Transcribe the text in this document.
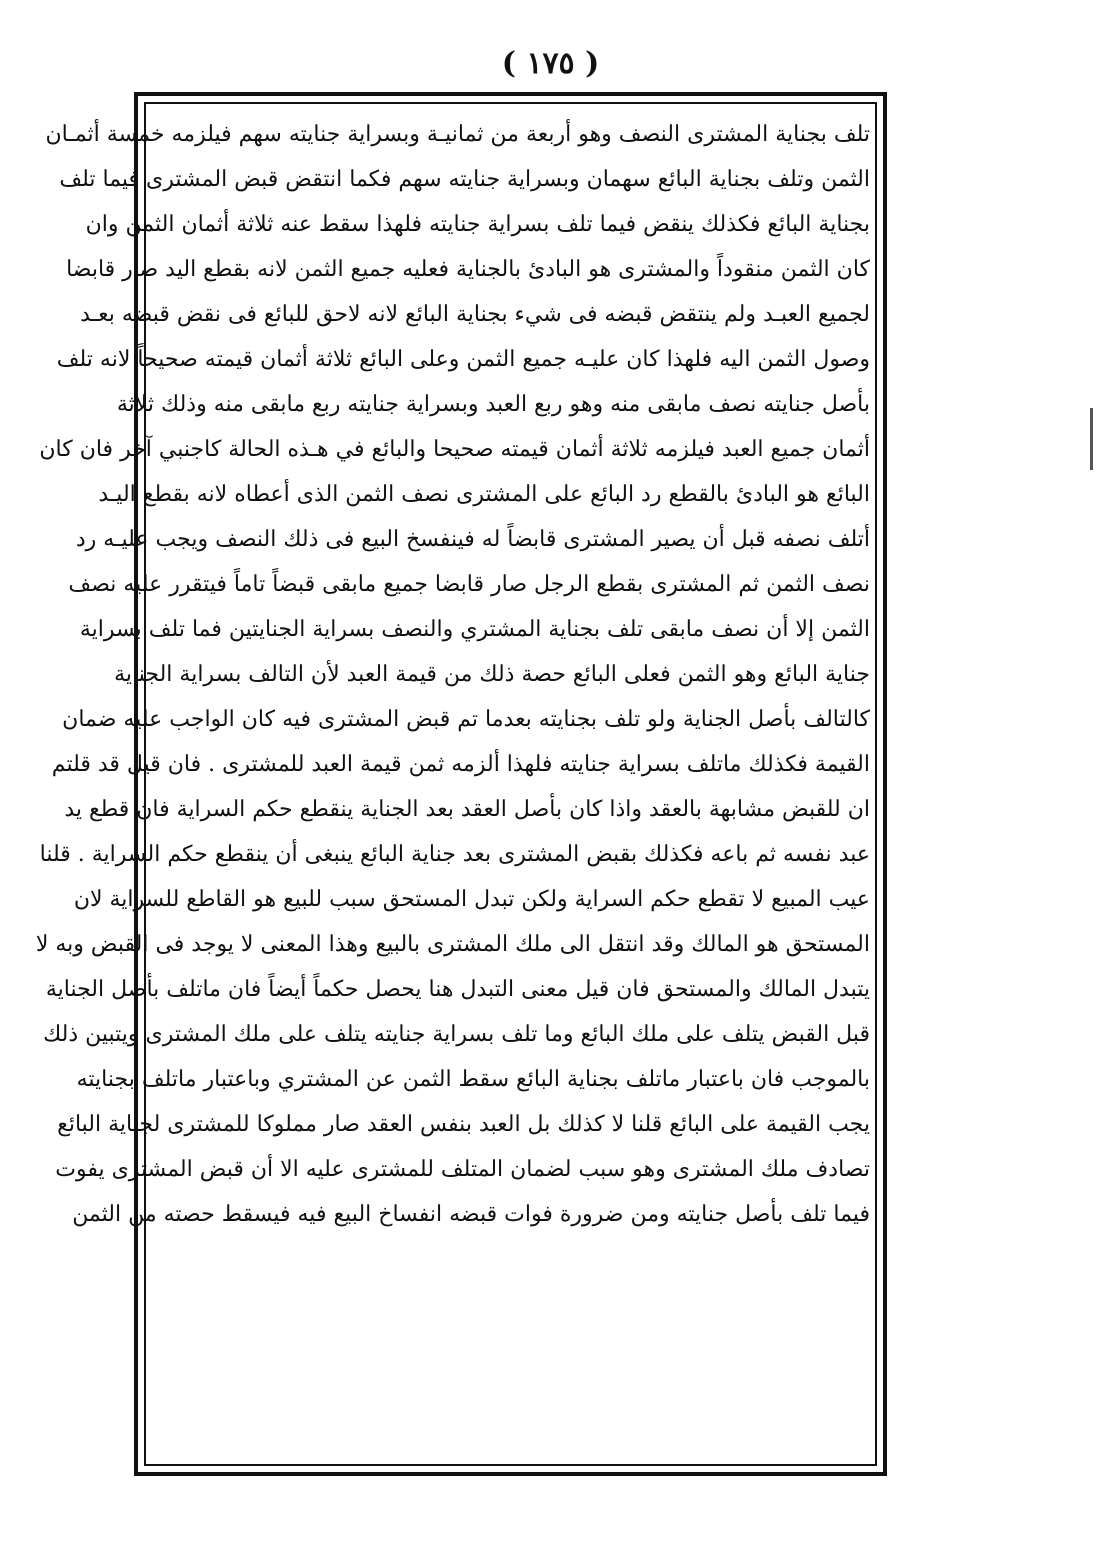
( ١٧٥ )
تلف بجناية المشترى النصف وهو أربعة من ثمانيـة وبسراية جنايته سهم فيلزمه خمسة أثمـان
الثمن وتلف بجناية البائع سهمان وبسراية جنايته سهم فكما انتقض قبض المشترى فيما تلف
بجناية البائع فكذلك ينقض فيما تلف بسراية جنايته فلهذا سقط عنه ثلاثة أثمان الثمن وان
كان الثمن منقوداً والمشترى هو البادئ بالجناية فعليه جميع الثمن لانه بقطع اليد صار قابضا
لجميع العبـد ولم ينتقض قبضه فى شيء بجناية البائع لانه لاحق للبائع فى نقض قبضه بعـد
وصول الثمن اليه فلهذا كان عليـه جميع الثمن وعلى البائع ثلاثة أثمان قيمته صحيحاً لانه تلف
بأصل جنايته نصف مابقى منه وهو ربع العبد وبسراية جنايته ربع مابقى منه وذلك ثلاثة
أثمان جميع العبد فيلزمه ثلاثة أثمان قيمته صحيحا والبائع في هـذه الحالة كاجنبي آخر فان كان
البائع هو البادئ بالقطع رد البائع على المشترى نصف الثمن الذى أعطاه لانه بقطع اليـد
أتلف نصفه قبل أن يصير المشترى قابضاً له فينفسخ البيع فى ذلك النصف ويجب عليـه رد
نصف الثمن ثم المشترى بقطع الرجل صار قابضا جميع مابقى قبضاً تاماً فيتقرر عليه نصف
الثمن إلا أن نصف مابقى تلف بجناية المشتري والنصف بسراية الجنايتين فما تلف بسراية
جناية البائع وهو الثمن فعلى البائع حصة ذلك من قيمة العبد لأن التالف بسراية الجناية
كالتالف بأصل الجناية ولو تلف بجنايته بعدما تم قبض المشترى فيه كان الواجب عليه ضمان
القيمة فكذلك ماتلف بسراية جنايته فلهذا ألزمه ثمن قيمة العبد للمشترى . فان قيل قد قلتم
ان للقبض مشابهة بالعقد واذا كان بأصل العقد بعد الجناية ينقطع حكم السراية فان قطع يد
عبد نفسه ثم باعه فكذلك بقبض المشترى بعد جناية البائع ينبغى أن ينقطع حكم السراية . قلنا
عيب المبيع لا تقطع حكم السراية ولكن تبدل المستحق سبب للبيع هو القاطع للسراية لان
المستحق هو المالك وقد انتقل الى ملك المشترى بالبيع وهذا المعنى لا يوجد فى القبض وبه لا
يتبدل المالك والمستحق فان قيل معنى التبدل هنا يحصل حكماً أيضاً فان ماتلف بأصل الجناية
قبل القبض يتلف على ملك البائع وما تلف بسراية جنايته يتلف على ملك المشترى ويتبين ذلك
بالموجب فان باعتبار ماتلف بجناية البائع سقط الثمن عن المشتري وباعتبار ماتلف بجنايته
يجب القيمة على البائع قلنا لا كذلك بل العبد بنفس العقد صار مملوكا للمشترى لجناية البائع
تصادف ملك المشترى وهو سبب لضمان المتلف للمشترى عليه الا أن قبض المشترى يفوت
فيما تلف بأصل جنايته ومن ضرورة فوات قبضه انفساخ البيع فيه فيسقط حصته من الثمن
